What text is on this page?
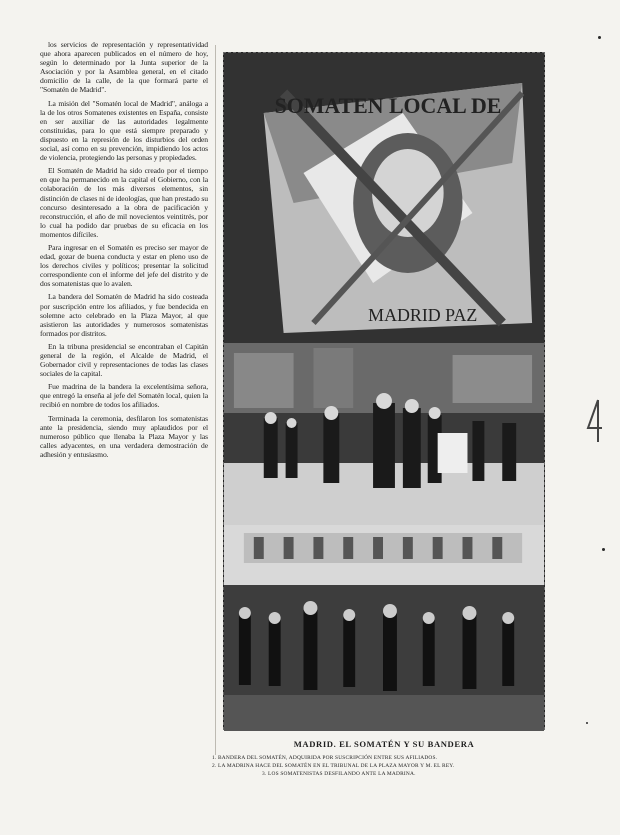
los servicios de representación y representatividad que ahora aparecen publicados en el número de hoy, según lo determinado por la Junta superior de la Asociación y por la Asamblea general, en el citado domicilio de la calle, de la que formará parte el "Somatén de Madrid".

La misión del "Somatén local de Madrid", análoga a la de los otros Somatenes existentes en España, consiste en ser auxiliar de las autoridades legalmente constituidas, para lo que está siempre preparado y dispuesto en la represión de los disturbios del orden social, así como en su prevención, impidiendo los actos de violencia, protegiendo las personas y propiedades.

El Somatén de Madrid ha sido creado por el tiempo en que ha permanecido en la capital el Gobierno, con la colaboración de los más diversos elementos, sin distinción de clases ni de ideologías, que han prestado su concurso desinteresado a la obra de pacificación y reconstrucción, el año de mil novecientos veintitrés, por lo cual ha podido dar pruebas de su eficacia en los momentos difíciles.

Para ingresar en el Somatén es preciso ser mayor de edad, gozar de buena conducta y estar en pleno uso de los derechos civiles y políticos; presentar la solicitud correspondiente con el informe del jefe del distrito y de dos somatenistas que lo avalen.

La bandera del Somatén de Madrid ha sido costeada por suscripción entre los afiliados, y fue bendecida en solemne acto celebrado en la Plaza Mayor, al que asistieron las autoridades y numerosos somatenistas formados por distritos.

En la tribuna presidencial se encontraban el Capitán general de la región, el Alcalde de Madrid, el Gobernador civil y representaciones de todas las clases sociales de la capital.

Fue madrina de la bandera la excelentísima señora, que entregó la enseña al jefe del Somatén local, quien la recibió en nombre de todos los afiliados.

Terminada la ceremonia, desfilaron los somatenistas ante la presidencia, siendo muy aplaudidos por el numeroso público que llenaba la Plaza Mayor y las calles adyacentes, en una verdadera demostración de adhesión y entusiasmo.

SOMATEN LOCAL DE
MADRID PAZ
MADRID. EL SOMATÉN Y SU BANDERA
1. BANDERA DEL SOMATÉN, ADQUIRIDA POR SUSCRIPCIÓN ENTRE SUS AFILIADOS.
2. LA MADRINA HACE DEL SOMATÉN EN EL TRIBUNAL DE LA PLAZA MAYOR Y M. EL REY.
3. LOS SOMATENISTAS DESFILANDO ANTE LA MADRINA.
